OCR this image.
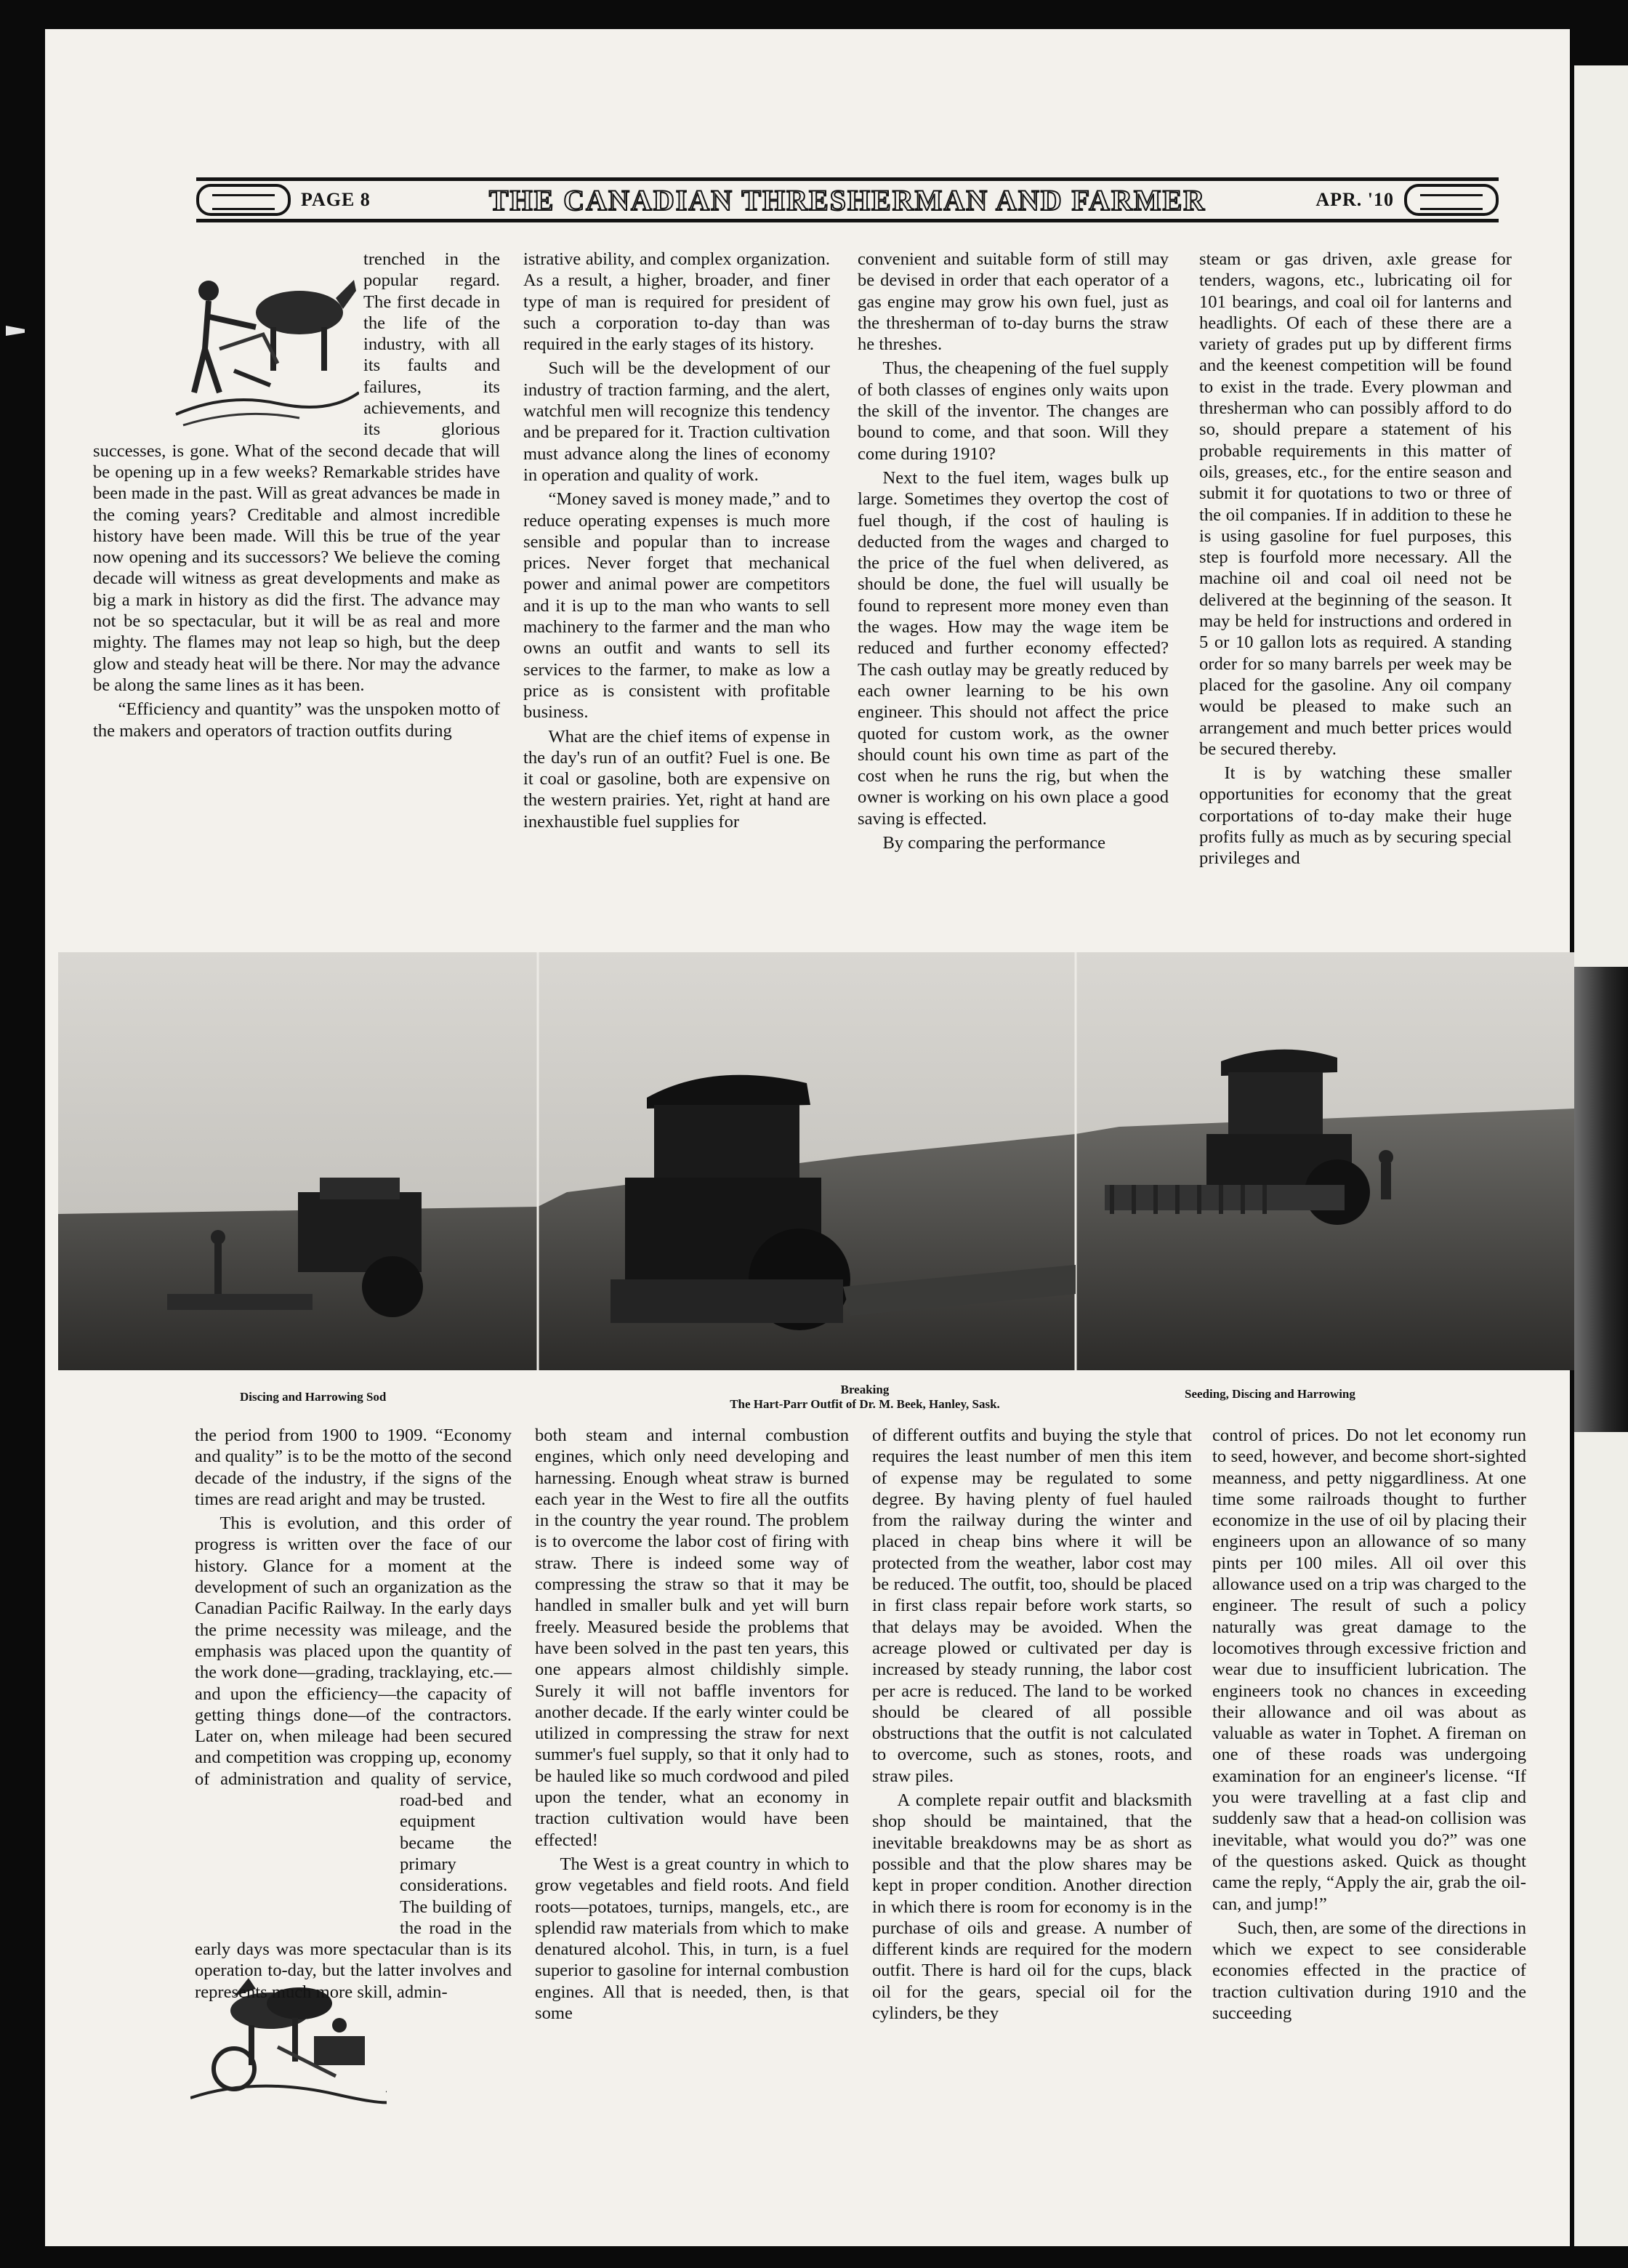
PAGE 8	THE CANADIAN THRESHERMAN AND FARMER	APR. '10

trenched in the popular regard. The first decade in the life of the industry, with all its faults and failures, its achievements, and its glorious successes, is gone. What of the second decade that will be opening up in a few weeks? Remarkable strides have been made in the past. Will as great advances be made in the coming years? Creditable and almost incredible history have been made. Will this be true of the year now opening and its successors? We believe the coming decade will witness as great developments and make as big a mark in history as did the first. The advance may not be so spectacular, but it will be as real and more mighty. The flames may not leap so high, but the deep glow and steady heat will be there. Nor may the advance be along the same lines as it has been.

“Efficiency and quantity” was the unspoken motto of the makers and operators of traction outfits during

istrative ability, and complex organization. As a result, a higher, broader, and finer type of man is required for president of such a corporation to-day than was required in the early stages of its history.

Such will be the development of our industry of traction farming, and the alert, watchful men will recognize this tendency and be prepared for it. Traction cultivation must advance along the lines of economy in operation and quality of work.

“Money saved is money made,” and to reduce operating expenses is much more sensible and popular than to increase prices. Never forget that mechanical power and animal power are competitors and it is up to the man who wants to sell machinery to the farmer and the man who owns an outfit and wants to sell its services to the farmer, to make as low a price as is consistent with profitable business.

What are the chief items of expense in the day's run of an outfit? Fuel is one. Be it coal or gasoline, both are expensive on the western prairies. Yet, right at hand are inexhaustible fuel supplies for

convenient and suitable form of still may be devised in order that each operator of a gas engine may grow his own fuel, just as the thresherman of to-day burns the straw he threshes.

Thus, the cheapening of the fuel supply of both classes of engines only waits upon the skill of the inventor. The changes are bound to come, and that soon. Will they come during 1910?

Next to the fuel item, wages bulk up large. Sometimes they overtop the cost of fuel though, if the cost of hauling is deducted from the wages and charged to the price of the fuel when delivered, as should be done, the fuel will usually be found to represent more money even than the wages. How may the wage item be reduced and further economy effected? The cash outlay may be greatly reduced by each owner learning to be his own engineer. This should not affect the price quoted for custom work, as the owner should count his own time as part of the cost when he runs the rig, but when the owner is working on his own place a good saving is effected.

By comparing the performance

steam or gas driven, axle grease for tenders, wagons, etc., lubricating oil for 101 bearings, and coal oil for lanterns and headlights. Of each of these there are a variety of grades put up by different firms and the keenest competition will be found to exist in the trade. Every plowman and thresherman who can possibly afford to do so, should prepare a statement of his probable requirements in this matter of oils, greases, etc., for the entire season and submit it for quotations to two or three of the oil companies. If in addition to these he is using gasoline for fuel purposes, this step is fourfold more necessary. All the machine oil and coal oil need not be delivered at the beginning of the season. It may be held for instructions and ordered in 5 or 10 gallon lots as required. A standing order for so many barrels per week may be placed for the gasoline. Any oil company would be pleased to make such an arrangement and much better prices would be secured thereby.

It is by watching these smaller opportunities for economy that the great corportations of to-day make their huge profits fully as much as by securing special privileges and

Discing and Harrowing Sod
Breaking
The Hart-Parr Outfit of Dr. M. Beek, Hanley, Sask.
Seeding, Discing and Harrowing

the period from 1900 to 1909. “Economy and quality” is to be the motto of the second decade of the industry, if the signs of the times are read aright and may be trusted.

This is evolution, and this order of progress is written over the face of our history. Glance for a moment at the development of such an organization as the Canadian Pacific Railway. In the early days the prime necessity was mileage, and the emphasis was placed upon the quantity of the work done—grading, tracklaying, etc.—and upon the efficiency—the capacity of getting things done—of the contractors. Later on, when mileage had been secured and competition was cropping up, economy of administration and quality of service, road-bed and equipment became the primary considerations. The building of the road in the early days was more spectacular than is its operation to-day, but the latter involves and represents much more skill, admin-

both steam and internal combustion engines, which only need developing and harnessing. Enough wheat straw is burned each year in the West to fire all the outfits in the country the year round. The problem is to overcome the labor cost of firing with straw. There is indeed some way of compressing the straw so that it may be handled in smaller bulk and yet will burn freely. Measured beside the problems that have been solved in the past ten years, this one appears almost childishly simple. Surely it will not baffle inventors for another decade. If the early winter could be utilized in compressing the straw for next summer's fuel supply, so that it only had to be hauled like so much cordwood and piled upon the tender, what an economy in traction cultivation would have been effected!

The West is a great country in which to grow vegetables and field roots. And field roots—potatoes, turnips, mangels, etc., are splendid raw materials from which to make denatured alcohol. This, in turn, is a fuel superior to gasoline for internal combustion engines. All that is needed, then, is that some

of different outfits and buying the style that requires the least number of men this item of expense may be regulated to some degree. By having plenty of fuel hauled from the railway during the winter and placed in cheap bins where it will be protected from the weather, labor cost may be reduced. The outfit, too, should be placed in first class repair before work starts, so that delays may be avoided. When the acreage plowed or cultivated per day is increased by steady running, the labor cost per acre is reduced. The land to be worked should be cleared of all possible obstructions that the outfit is not calculated to overcome, such as stones, roots, and straw piles.

A complete repair outfit and blacksmith shop should be maintained, that the inevitable breakdowns may be as short as possible and that the plow shares may be kept in proper condition. Another direction in which there is room for economy is in the purchase of oils and grease. A number of different kinds are required for the modern outfit. There is hard oil for the cups, black oil for the gears, special oil for the cylinders, be they

control of prices. Do not let economy run to seed, however, and become short-sighted meanness, and petty niggardliness. At one time some railroads thought to further economize in the use of oil by placing their engineers upon an allowance of so many pints per 100 miles. All oil over this allowance used on a trip was charged to the engineer. The result of such a policy naturally was great damage to the locomotives through excessive friction and wear due to insufficient lubrication. The engineers took no chances in exceeding their allowance and oil was about as valuable as water in Tophet. A fireman on one of these roads was undergoing examination for an engineer's license. “If you were travelling at a fast clip and suddenly saw that a head-on collision was inevitable, what would you do?” was one of the questions asked. Quick as thought came the reply, “Apply the air, grab the oil-can, and jump!”

Such, then, are some of the directions in which we expect to see considerable economies effected in the practice of traction cultivation during 1910 and the succeeding
